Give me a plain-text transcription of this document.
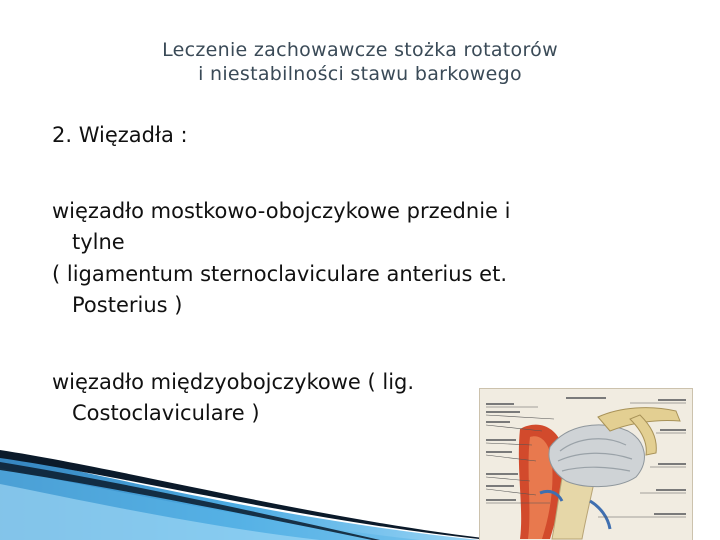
Leczenie zachowawcze stożka rotatorów
i niestabilności stawu barkowego
2. Więzadła :
więzadło mostkowo-obojczykowe przednie i
tylne
( ligamentum sternoclaviculare anterius et.
Posterius )
więzadło międzyobojczykowe ( lig.
Costoclaviculare )
